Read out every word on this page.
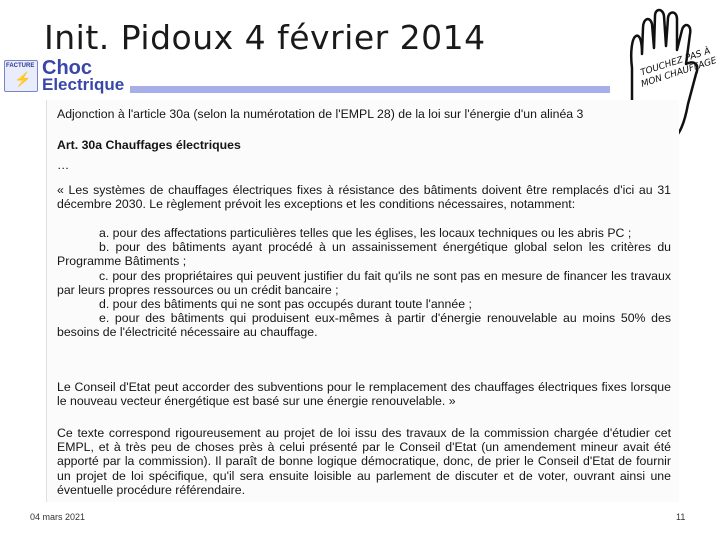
Init. Pidoux 4 février 2014
FACTURE
⚡ Choc
Electrique
TOUCHEZ PAS À MON CHAUFFAGE

Adjonction à l'article 30a (selon la numérotation de l'EMPL 28) de la loi sur l'énergie d'un alinéa 3

Art. 30a Chauffages électriques

…

« Les systèmes de chauffages électriques fixes à résistance des bâtiments doivent être remplacés d'ici au 31 décembre 2030. Le règlement prévoit les exceptions et les conditions nécessaires, notamment:

a. pour des affectations particulières telles que les églises, les locaux techniques ou les abris PC ;

b. pour des bâtiments ayant procédé à un assainissement énergétique global selon les critères du Programme Bâtiments ;

c. pour des propriétaires qui peuvent justifier du fait qu'ils ne sont pas en mesure de financer les travaux par leurs propres ressources ou un crédit bancaire ;

d. pour des bâtiments qui ne sont pas occupés durant toute l'année ;

e. pour des bâtiments qui produisent eux-mêmes à partir d'énergie renouvelable au moins 50% des besoins de l'électricité nécessaire au chauffage.

Le Conseil d'Etat peut accorder des subventions pour le remplacement des chauffages électriques fixes lorsque le nouveau vecteur énergétique est basé sur une énergie renouvelable. »

Ce texte correspond rigoureusement au projet de loi issu des travaux de la commission chargée d'étudier cet EMPL, et à très peu de choses près à celui présenté par le Conseil d'Etat (un amendement mineur avait été apporté par la commission). Il paraît de bonne logique démocratique, donc, de prier le Conseil d'Etat de fournir un projet de loi spécifique, qu'il sera ensuite loisible au parlement de discuter et de voter, ouvrant ainsi une éventuelle procédure référendaire.

04 mars 2021	11
